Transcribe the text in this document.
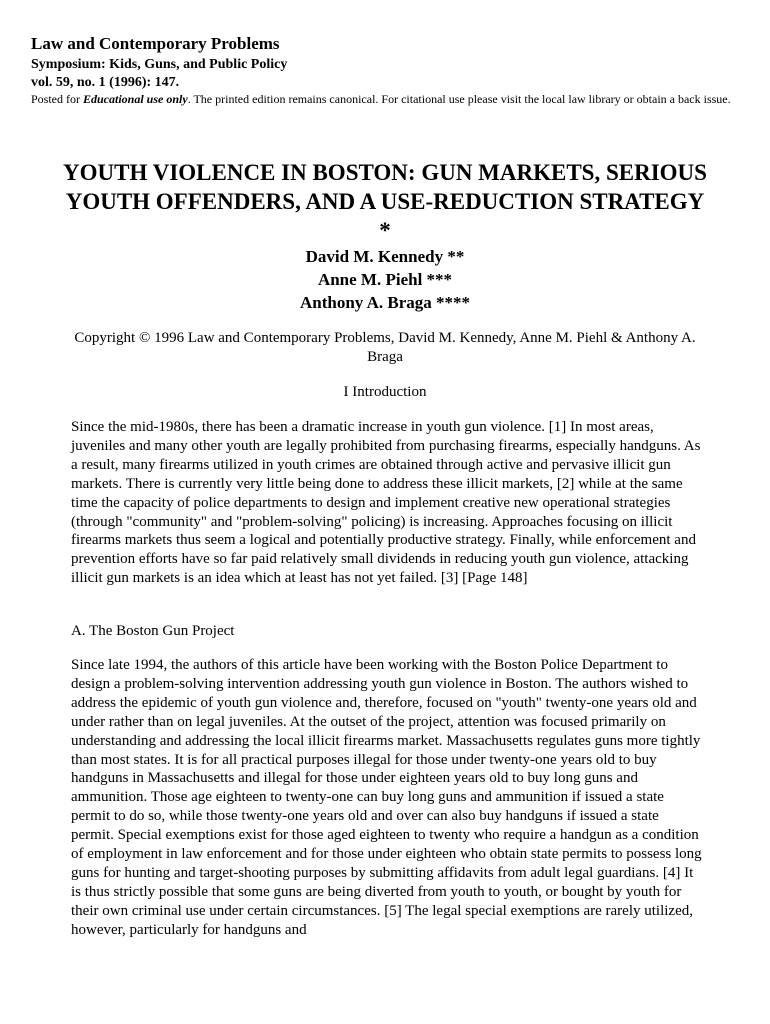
Law and Contemporary Problems
Symposium: Kids, Guns, and Public Policy
vol. 59, no. 1 (1996): 147.
Posted for Educational use only. The printed edition remains canonical. For citational use please visit the local law library or obtain a back issue.
YOUTH VIOLENCE IN BOSTON: GUN MARKETS, SERIOUS YOUTH OFFENDERS, AND A USE-REDUCTION STRATEGY *
David M. Kennedy **
Anne M. Piehl ***
Anthony A. Braga ****
Copyright © 1996 Law and Contemporary Problems, David M. Kennedy, Anne M. Piehl & Anthony A. Braga
I Introduction
Since the mid-1980s, there has been a dramatic increase in youth gun violence. [1] In most areas, juveniles and many other youth are legally prohibited from purchasing firearms, especially handguns. As a result, many firearms utilized in youth crimes are obtained through active and pervasive illicit gun markets. There is currently very little being done to address these illicit markets, [2] while at the same time the capacity of police departments to design and implement creative new operational strategies (through "community" and "problem-solving" policing) is increasing. Approaches focusing on illicit firearms markets thus seem a logical and potentially productive strategy. Finally, while enforcement and prevention efforts have so far paid relatively small dividends in reducing youth gun violence, attacking illicit gun markets is an idea which at least has not yet failed. [3] [Page 148]
A. The Boston Gun Project
Since late 1994, the authors of this article have been working with the Boston Police Department to design a problem-solving intervention addressing youth gun violence in Boston. The authors wished to address the epidemic of youth gun violence and, therefore, focused on "youth" twenty-one years old and under rather than on legal juveniles. At the outset of the project, attention was focused primarily on understanding and addressing the local illicit firearms market. Massachusetts regulates guns more tightly than most states. It is for all practical purposes illegal for those under twenty-one years old to buy handguns in Massachusetts and illegal for those under eighteen years old to buy long guns and ammunition. Those age eighteen to twenty-one can buy long guns and ammunition if issued a state permit to do so, while those twenty-one years old and over can also buy handguns if issued a state permit. Special exemptions exist for those aged eighteen to twenty who require a handgun as a condition of employment in law enforcement and for those under eighteen who obtain state permits to possess long guns for hunting and target-shooting purposes by submitting affidavits from adult legal guardians. [4] It is thus strictly possible that some guns are being diverted from youth to youth, or bought by youth for their own criminal use under certain circumstances. [5] The legal special exemptions are rarely utilized, however, particularly for handguns and
